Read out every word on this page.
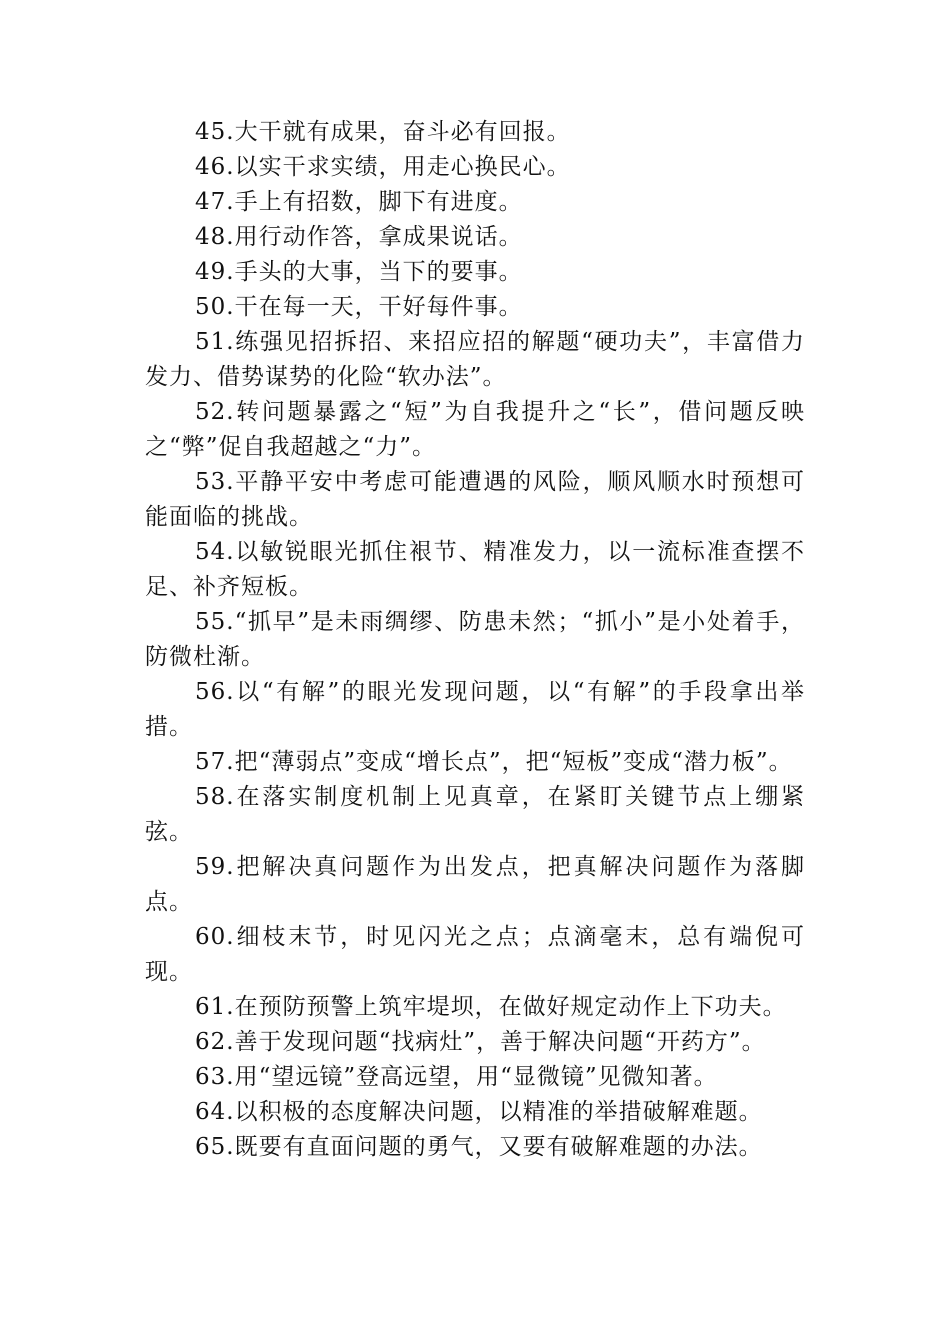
45.大干就有成果，奋斗必有回报。

46.以实干求实绩，用走心换民心。

47.手上有招数，脚下有进度。

48.用行动作答，拿成果说话。

49.手头的大事，当下的要事。

50.干在每一天，干好每件事。

51.练强见招拆招、来招应招的解题“硬功夫”，丰富借力发力、借势谋势的化险“软办法”。

52.转问题暴露之“短”为自我提升之“长”，借问题反映之“弊”促自我超越之“力”。

53.平静平安中考虑可能遭遇的风险，顺风顺水时预想可能面临的挑战。

54.以敏锐眼光抓住裉节、精准发力，以一流标准查摆不足、补齐短板。

55.“抓早”是未雨绸缪、防患未然；“抓小”是小处着手，防微杜渐。

56.以“有解”的眼光发现问题，以“有解”的手段拿出举措。

57.把“薄弱点”变成“增长点”，把“短板”变成“潜力板”。

58.在落实制度机制上见真章，在紧盯关键节点上绷紧弦。

59.把解决真问题作为出发点，把真解决问题作为落脚点。

60.细枝末节，时见闪光之点；点滴毫末，总有端倪可现。

61.在预防预警上筑牢堤坝，在做好规定动作上下功夫。

62.善于发现问题“找病灶”，善于解决问题“开药方”。

63.用“望远镜”登高远望，用“显微镜”见微知著。

64.以积极的态度解决问题，以精准的举措破解难题。

65.既要有直面问题的勇气，又要有破解难题的办法。
